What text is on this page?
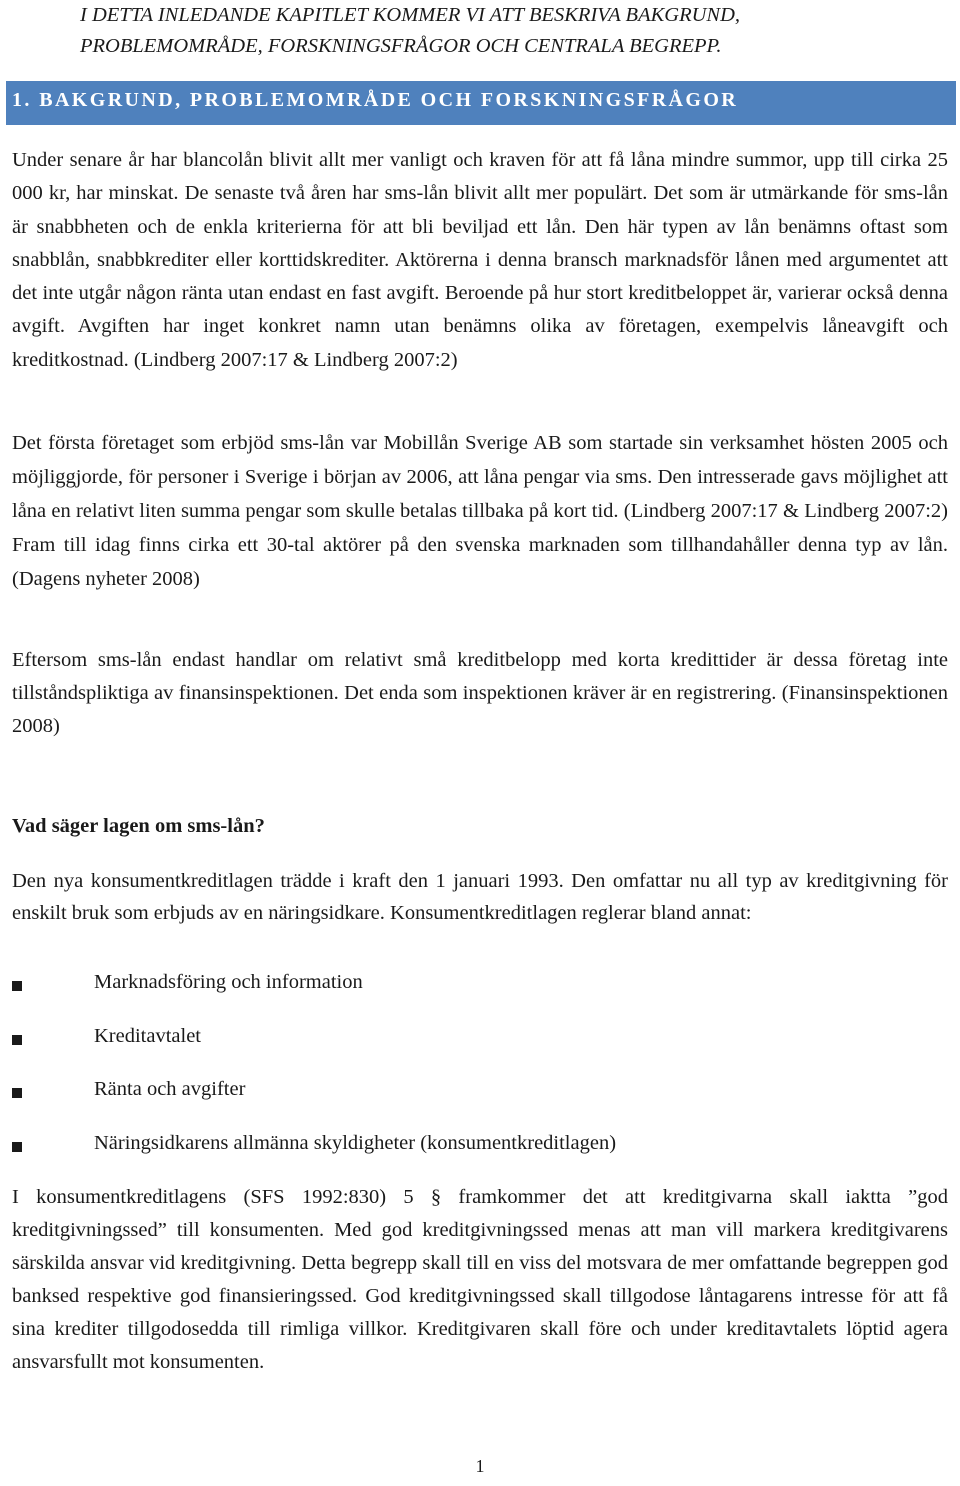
I DETTA INLEDANDE KAPITLET KOMMER VI ATT BESKRIVA BAKGRUND,
PROBLEMOMRÅDE, FORSKNINGSFRÅGOR OCH CENTRALA BEGREPP.
1. BAKGRUND, PROBLEMOMRÅDE OCH FORSKNINGSFRÅGOR

Under senare år har blancolån blivit allt mer vanligt och kraven för att få låna mindre summor, upp till cirka 25 000 kr, har minskat. De senaste två åren har sms-lån blivit allt mer populärt. Det som är utmärkande för sms-lån är snabbheten och de enkla kriterierna för att bli beviljad ett lån. Den här typen av lån benämns oftast som snabblån, snabbkrediter eller korttidskrediter. Aktörerna i denna bransch marknadsför lånen med argumentet att det inte utgår någon ränta utan endast en fast avgift. Beroende på hur stort kreditbeloppet är, varierar också denna avgift. Avgiften har inget konkret namn utan benämns olika av företagen, exempelvis låneavgift och kreditkostnad. (Lindberg 2007:17 & Lindberg 2007:2)

Det första företaget som erbjöd sms-lån var Mobillån Sverige AB som startade sin verksamhet hösten 2005 och möjliggjorde, för personer i Sverige i början av 2006, att låna pengar via sms. Den intresserade gavs möjlighet att låna en relativt liten summa pengar som skulle betalas tillbaka på kort tid. (Lindberg 2007:17 & Lindberg 2007:2) Fram till idag finns cirka ett 30-tal aktörer på den svenska marknaden som tillhandahåller denna typ av lån. (Dagens nyheter 2008)

Eftersom sms-lån endast handlar om relativt små kreditbelopp med korta kredittider är dessa företag inte tillståndspliktiga av finansinspektionen. Det enda som inspektionen kräver är en registrering. (Finansinspektionen 2008)

Vad säger lagen om sms-lån?

Den nya konsumentkreditlagen trädde i kraft den 1 januari 1993. Den omfattar nu all typ av kreditgivning för enskilt bruk som erbjuds av en näringsidkare. Konsumentkreditlagen reglerar bland annat:

Marknadsföring och information
Kreditavtalet
Ränta och avgifter
Näringsidkarens allmänna skyldigheter (konsumentkreditlagen)

I konsumentkreditlagens (SFS 1992:830) 5 § framkommer det att kreditgivarna skall iaktta ”god kreditgivningssed” till konsumenten. Med god kreditgivningssed menas att man vill markera kreditgivarens särskilda ansvar vid kreditgivning. Detta begrepp skall till en viss del motsvara de mer omfattande begreppen god banksed respektive god finansieringssed. God kreditgivningssed skall tillgodose låntagarens intresse för att få sina krediter tillgodosedda till rimliga villkor. Kreditgivaren skall före och under kreditavtalets löptid agera ansvarsfullt mot konsumenten.

1
